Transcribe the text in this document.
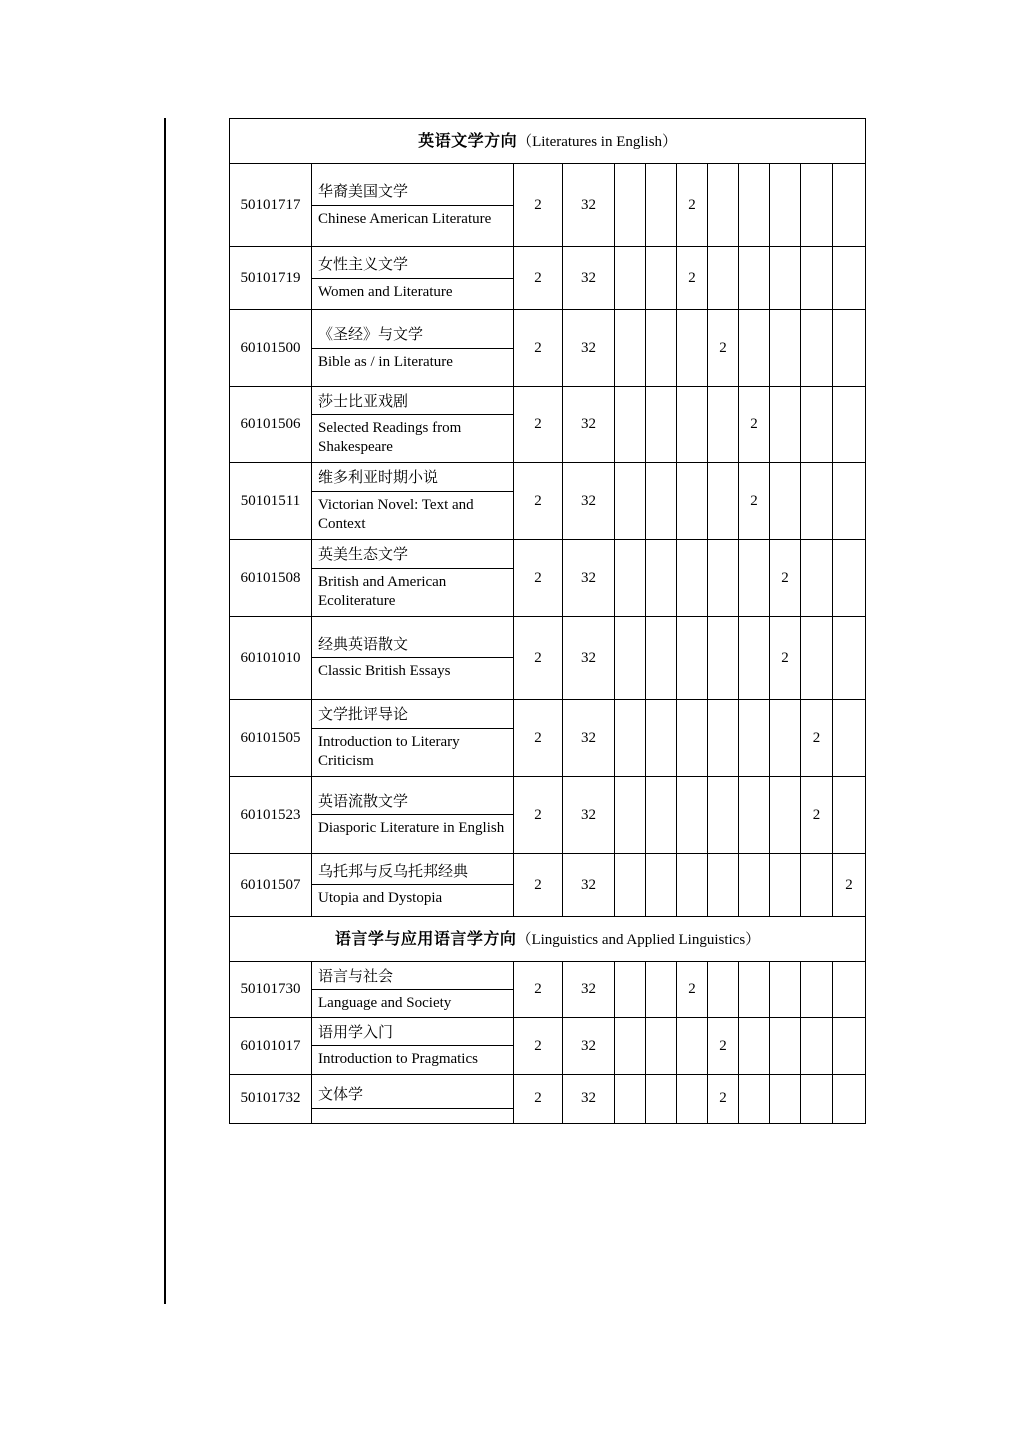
英语文学方向（Literatures in English）											
50101717	华裔美国文学
Chinese American Literature	2	32			2					
50101719	女性主义文学
Women and Literature	2	32			2					
60101500	《圣经》与文学
Bible as / in Literature	2	32				2				
60101506	莎士比亚戏剧
Selected Readings from Shakespeare	2	32					2			
50101511	维多利亚时期小说
Victorian Novel: Text and Context	2	32					2			
60101508	英美生态文学
British and American Ecoliterature	2	32						2		
60101010	经典英语散文
Classic British Essays	2	32						2		
60101505	文学批评导论
Introduction to Literary Criticism	2	32							2	
60101523	英语流散文学
Diasporic Literature in English	2	32							2	
60101507	乌托邦与反乌托邦经典
Utopia and Dystopia	2	32								2
语言学与应用语言学方向（Linguistics and Applied Linguistics）											
50101730	语言与社会
Language and Society	2	32			2					
60101017	语用学入门
Introduction to Pragmatics	2	32				2				
50101732	文体学	2	32				2				
